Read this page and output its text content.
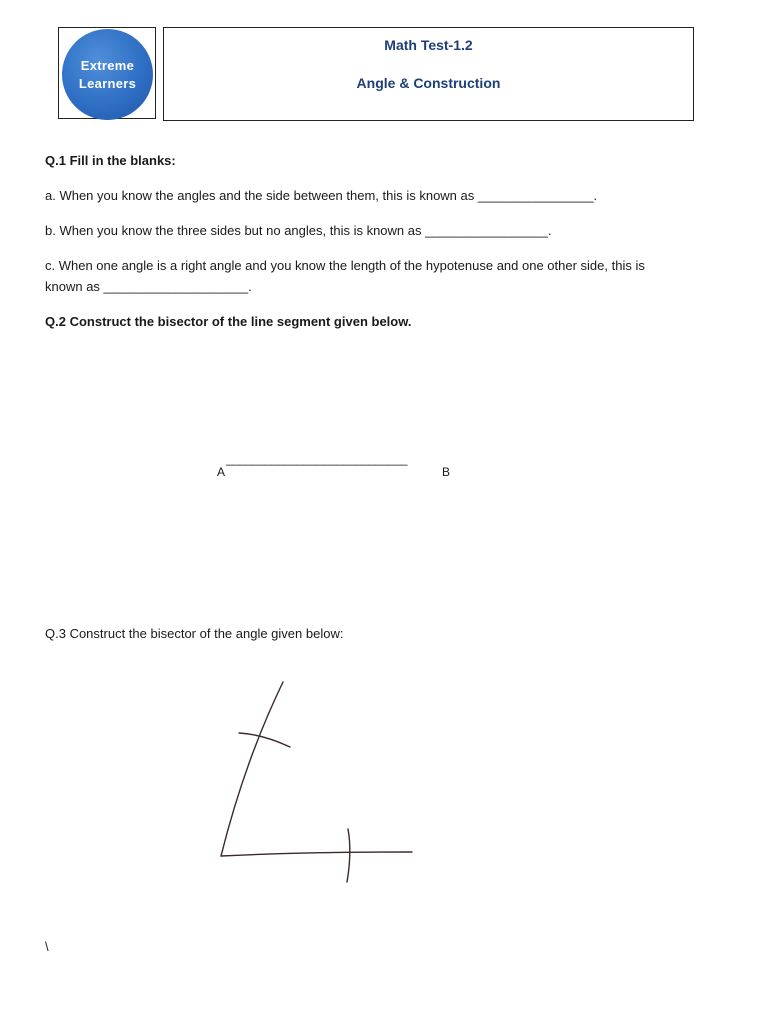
Extreme
Learners
Math Test-1.2
Angle & Construction
Q.1 Fill in the blanks:
a. When you know the angles and the side between them, this is known as ________________.
b. When you know the three sides but no angles, this is known as _________________.
c. When one angle is a right angle and you know the length of the hypotenuse and one other side, this is
known as ____________________.
Q.2 Construct the bisector of the line segment given below.
____________________________
A	B
Q.3 Construct the bisector of the angle given below:
\
